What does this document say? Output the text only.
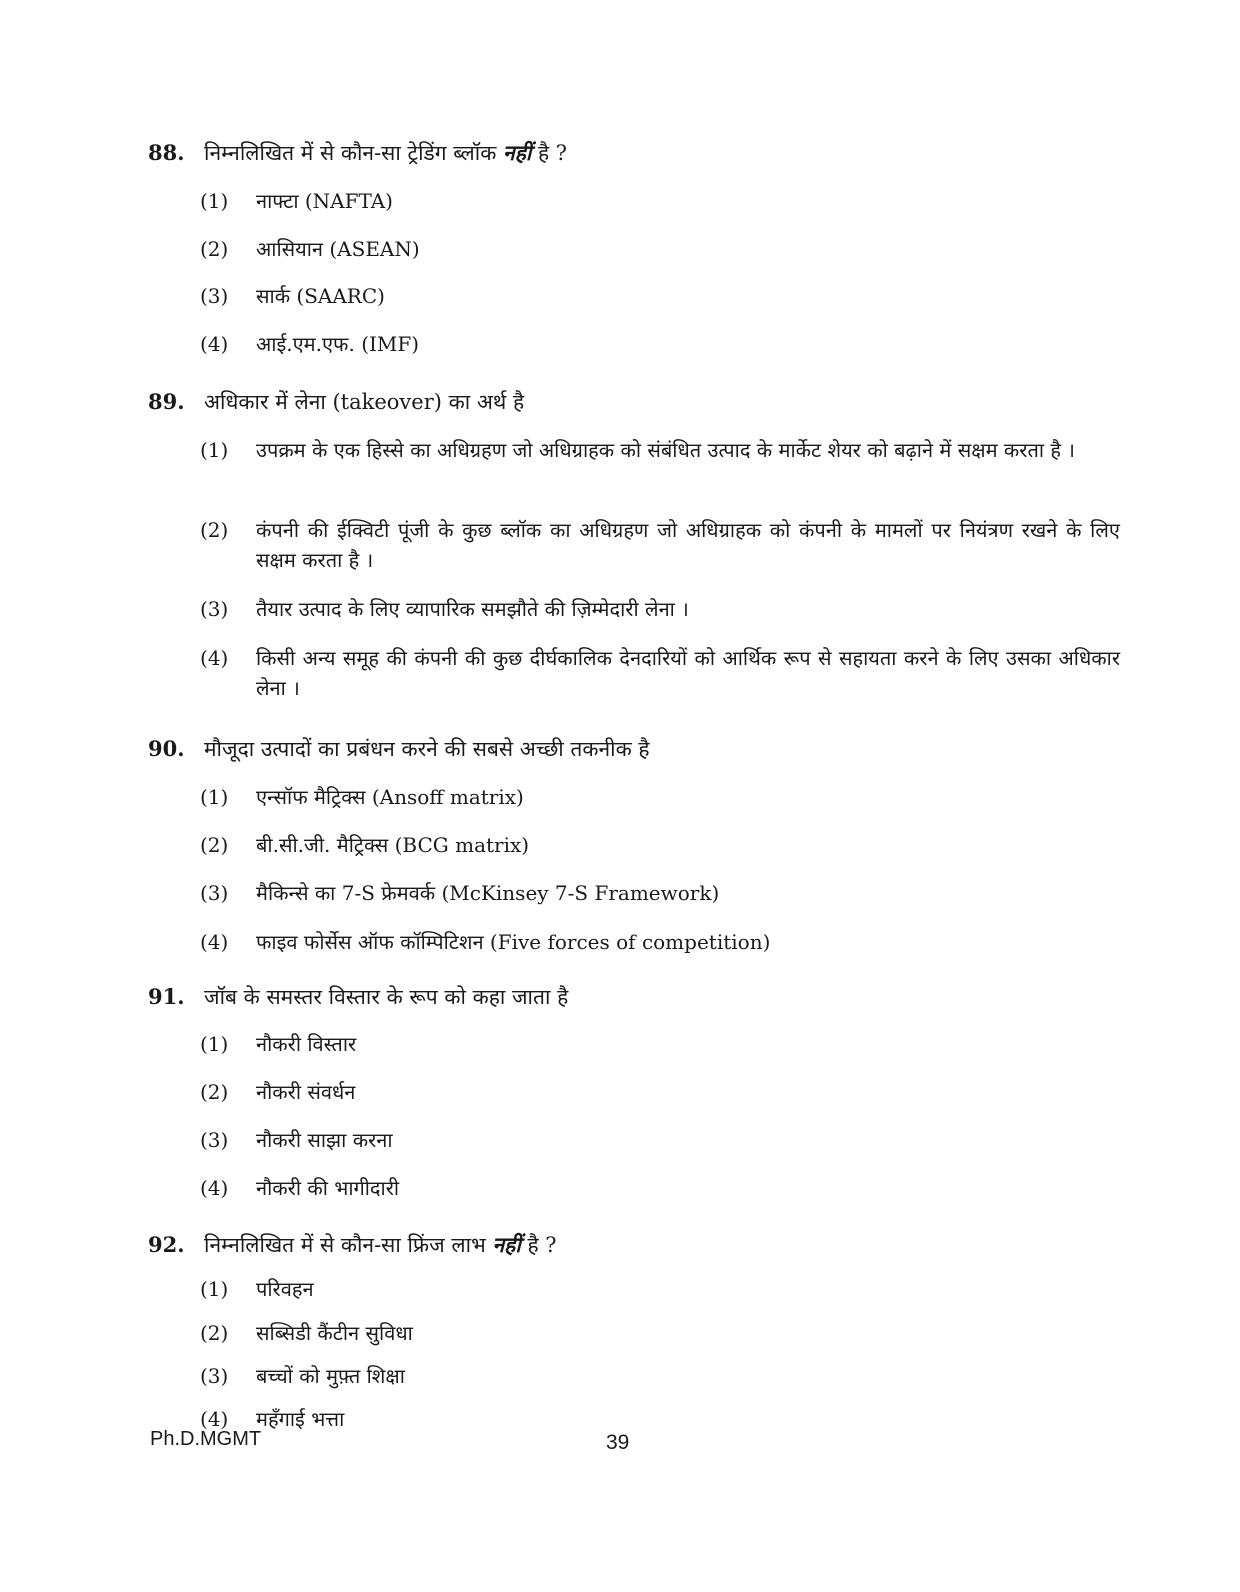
88. निम्नलिखित में से कौन-सा ट्रेडिंग ब्लॉक नहीं है ?
(1)	नाफ्टा (NAFTA)
(2)	आसियान (ASEAN)
(3)	सार्क (SAARC)
(4)	आई.एम.एफ. (IMF)
89. अधिकार में लेना (takeover) का अर्थ है
(1)	उपक्रम के एक हिस्से का अधिग्रहण जो अधिग्राहक को संबंधित उत्पाद के मार्केट शेयर को बढ़ाने में सक्षम करता है ।
(2)	कंपनी की ईक्विटी पूंजी के कुछ ब्लॉक का अधिग्रहण जो अधिग्राहक को कंपनी के मामलों पर नियंत्रण रखने के लिए सक्षम करता है ।
(3)	तैयार उत्पाद के लिए व्यापारिक समझौते की ज़िम्मेदारी लेना ।
(4)	किसी अन्य समूह की कंपनी की कुछ दीर्घकालिक देनदारियों को आर्थिक रूप से सहायता करने के लिए उसका अधिकार लेना ।
90. मौजूदा उत्पादों का प्रबंधन करने की सबसे अच्छी तकनीक है
(1)	एन्सॉफ मैट्रिक्स (Ansoff matrix)
(2)	बी.सी.जी. मैट्रिक्स (BCG matrix)
(3)	मैकिन्से का 7-S फ्रेमवर्क (McKinsey 7-S Framework)
(4)	फाइव फोर्सेस ऑफ कॉम्पिटिशन (Five forces of competition)
91. जॉब के समस्तर विस्तार के रूप को कहा जाता है
(1)	नौकरी विस्तार
(2)	नौकरी संवर्धन
(3)	नौकरी साझा करना
(4)	नौकरी की भागीदारी
92. निम्नलिखित में से कौन-सा फ्रिंज लाभ नहीं है ?
(1)	परिवहन
(2)	सब्सिडी कैंटीन सुविधा
(3)	बच्चों को मुफ़्त शिक्षा
(4)	महँगाई भत्ता
Ph.D.MGMT	39
